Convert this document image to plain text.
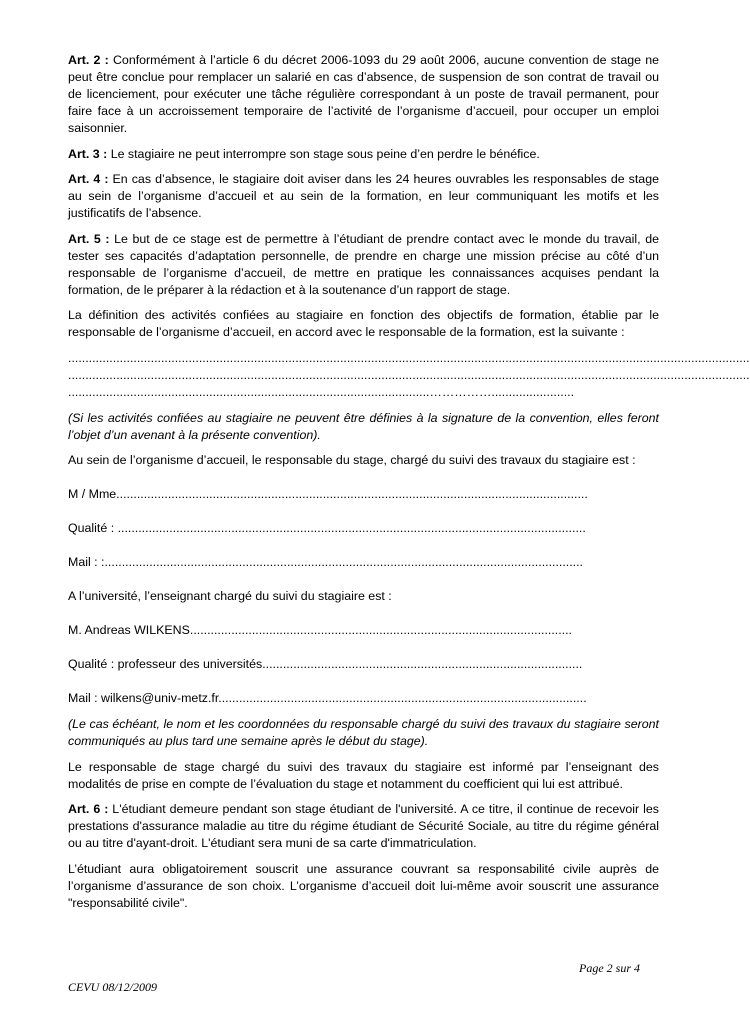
Art. 2 : Conformément à l’article 6 du décret 2006-1093 du 29 août 2006, aucune convention de stage ne peut être conclue pour remplacer un salarié en cas d’absence, de suspension de son contrat de travail ou de licenciement, pour exécuter une tâche régulière correspondant à un poste de travail permanent, pour faire face à un accroissement temporaire de l’activité de l’organisme d’accueil, pour occuper un emploi saisonnier.

Art. 3 : Le stagiaire ne peut interrompre son stage sous peine d’en perdre le bénéfice.

Art. 4 : En cas d’absence, le stagiaire doit aviser dans les 24 heures ouvrables les responsables de stage au sein de l’organisme d’accueil et au sein de la formation, en leur communiquant les motifs et les justificatifs de l’absence.

Art. 5 : Le but de ce stage est de permettre à l’étudiant de prendre contact avec le monde du travail, de tester ses capacités d’adaptation personnelle, de prendre en charge une mission précise au côté d’un responsable de l’organisme d’accueil, de mettre en pratique les connaissances acquises pendant la formation, de le préparer à la rédaction et à la soutenance d’un rapport de stage.

La définition des activités confiées au stagiaire en fonction des objectifs de formation, établie par le responsable de l’organisme d’accueil, en accord avec le responsable de la formation, est la suivante :

......................................................................................................................................................................................................

......................................................................................................................................................................................................

.........................................................................................................……………........................

(Si les activités confiées au stagiaire ne peuvent être définies à la signature de la convention, elles feront l’objet d’un avenant à la présente convention).

Au sein de l’organisme d’accueil, le responsable du stage, chargé du suivi des travaux du stagiaire est :

M / Mme.........................................................................................................................................

Qualité : ........................................................................................................................................

Mail : :...........................................................................................................................................

A l’université, l’enseignant chargé du suivi du stagiaire est :

M. Andreas WILKENS...............................................................................................................

Qualité : professeur des universités.............................................................................................

Mail : wilkens@univ-metz.fr...........................................................................................................

(Le cas échéant, le nom et les coordonnées du responsable chargé du suivi des travaux du stagiaire seront communiqués au plus tard une semaine après le début du stage).

Le responsable de stage chargé du suivi des travaux du stagiaire est informé par l’enseignant des modalités de prise en compte de l’évaluation du stage et notamment du coefficient qui lui est attribué.

Art. 6 : L'étudiant demeure pendant son stage étudiant de l'université. A ce titre, il continue de recevoir les prestations d'assurance maladie au titre du régime étudiant de Sécurité Sociale, au titre du régime général ou au titre d'ayant-droit. L'étudiant sera muni de sa carte d'immatriculation.

L’étudiant aura obligatoirement souscrit une assurance couvrant sa responsabilité civile auprès de l’organisme d’assurance de son choix. L’organisme d’accueil doit lui-même avoir souscrit une assurance "responsabilité civile".

Page 2 sur 4
CEVU 08/12/2009
